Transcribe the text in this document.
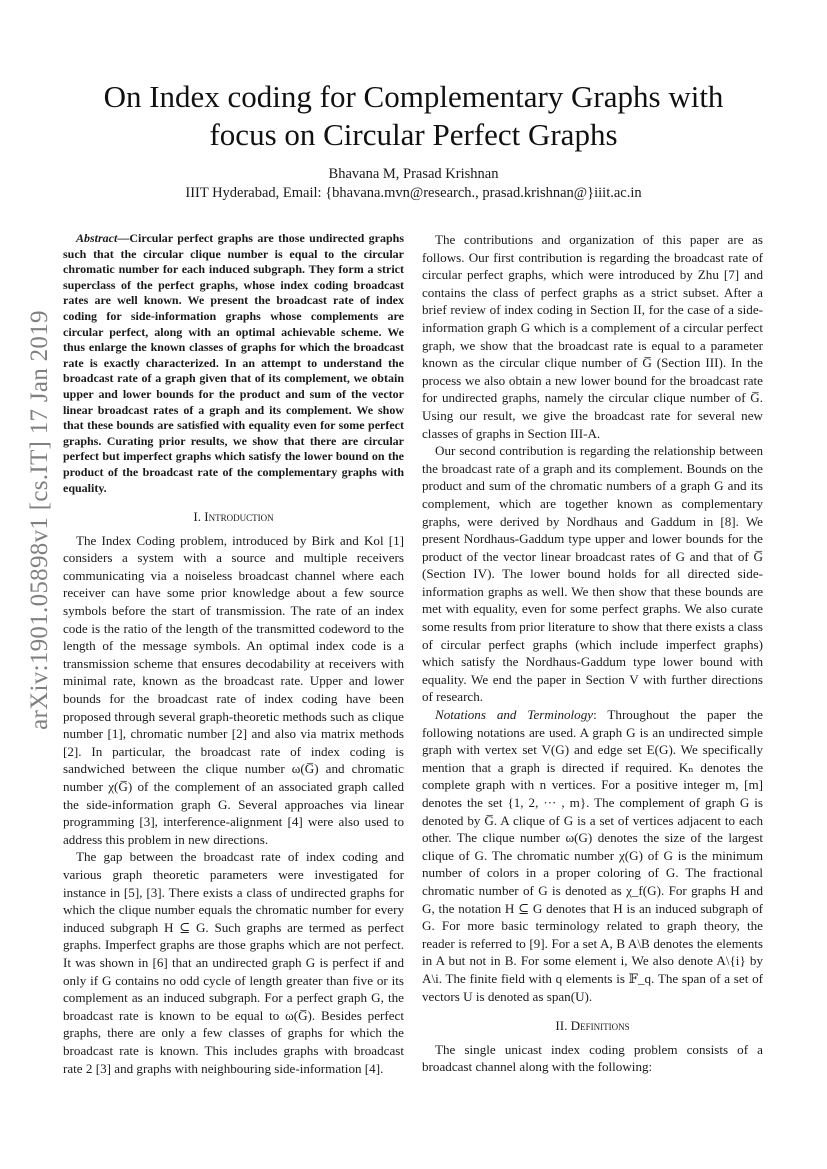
arXiv:1901.05898v1 [cs.IT] 17 Jan 2019
On Index coding for Complementary Graphs with
focus on Circular Perfect Graphs
Bhavana M, Prasad Krishnan
IIIT Hyderabad, Email: {bhavana.mvn@research., prasad.krishnan@}iiit.ac.in

Abstract—Circular perfect graphs are those undirected graphs such that the circular clique number is equal to the circular chromatic number for each induced subgraph. They form a strict superclass of the perfect graphs, whose index coding broadcast rates are well known. We present the broadcast rate of index coding for side-information graphs whose complements are circular perfect, along with an optimal achievable scheme. We thus enlarge the known classes of graphs for which the broadcast rate is exactly characterized. In an attempt to understand the broadcast rate of a graph given that of its complement, we obtain upper and lower bounds for the product and sum of the vector linear broadcast rates of a graph and its complement. We show that these bounds are satisfied with equality even for some perfect graphs. Curating prior results, we show that there are circular perfect but imperfect graphs which satisfy the lower bound on the product of the broadcast rate of the complementary graphs with equality.

I. Introduction

The Index Coding problem, introduced by Birk and Kol [1] considers a system with a source and multiple receivers communicating via a noiseless broadcast channel where each receiver can have some prior knowledge about a few source symbols before the start of transmission. The rate of an index code is the ratio of the length of the transmitted codeword to the length of the message symbols. An optimal index code is a transmission scheme that ensures decodability at receivers with minimal rate, known as the broadcast rate. Upper and lower bounds for the broadcast rate of index coding have been proposed through several graph-theoretic methods such as clique number [1], chromatic number [2] and also via matrix methods [2]. In particular, the broadcast rate of index coding is sandwiched between the clique number ω(G̅) and chromatic number χ(G̅) of the complement of an associated graph called the side-information graph G. Several approaches via linear programming [3], interference-alignment [4] were also used to address this problem in new directions.

The gap between the broadcast rate of index coding and various graph theoretic parameters were investigated for instance in [5], [3]. There exists a class of undirected graphs for which the clique number equals the chromatic number for every induced subgraph H ⊆ G. Such graphs are termed as perfect graphs. Imperfect graphs are those graphs which are not perfect. It was shown in [6] that an undirected graph G is perfect if and only if G contains no odd cycle of length greater than five or its complement as an induced subgraph. For a perfect graph G, the broadcast rate is known to be equal to ω(G̅). Besides perfect graphs, there are only a few classes of graphs for which the broadcast rate is known. This includes graphs with broadcast rate 2 [3] and graphs with neighbouring side-information [4].

The contributions and organization of this paper are as follows. Our first contribution is regarding the broadcast rate of circular perfect graphs, which were introduced by Zhu [7] and contains the class of perfect graphs as a strict subset. After a brief review of index coding in Section II, for the case of a side-information graph G which is a complement of a circular perfect graph, we show that the broadcast rate is equal to a parameter known as the circular clique number of G̅ (Section III). In the process we also obtain a new lower bound for the broadcast rate for undirected graphs, namely the circular clique number of G̅. Using our result, we give the broadcast rate for several new classes of graphs in Section III-A.

Our second contribution is regarding the relationship between the broadcast rate of a graph and its complement. Bounds on the product and sum of the chromatic numbers of a graph G and its complement, which are together known as complementary graphs, were derived by Nordhaus and Gaddum in [8]. We present Nordhaus-Gaddum type upper and lower bounds for the product of the vector linear broadcast rates of G and that of G̅ (Section IV). The lower bound holds for all directed side-information graphs as well. We then show that these bounds are met with equality, even for some perfect graphs. We also curate some results from prior literature to show that there exists a class of circular perfect graphs (which include imperfect graphs) which satisfy the Nordhaus-Gaddum type lower bound with equality. We end the paper in Section V with further directions of research.

Notations and Terminology: Throughout the paper the following notations are used. A graph G is an undirected simple graph with vertex set V(G) and edge set E(G). We specifically mention that a graph is directed if required. Kₙ denotes the complete graph with n vertices. For a positive integer m, [m] denotes the set {1, 2, ··· , m}. The complement of graph G is denoted by G̅. A clique of G is a set of vertices adjacent to each other. The clique number ω(G) denotes the size of the largest clique of G. The chromatic number χ(G) of G is the minimum number of colors in a proper coloring of G. The fractional chromatic number of G is denoted as χ_f(G). For graphs H and G, the notation H ⊆ G denotes that H is an induced subgraph of G. For more basic terminology related to graph theory, the reader is referred to [9]. For a set A, B A\B denotes the elements in A but not in B. For some element i, We also denote A\{i} by A\i. The finite field with q elements is 𝔽_q. The span of a set of vectors U is denoted as span(U).

II. Definitions

The single unicast index coding problem consists of a broadcast channel along with the following:
